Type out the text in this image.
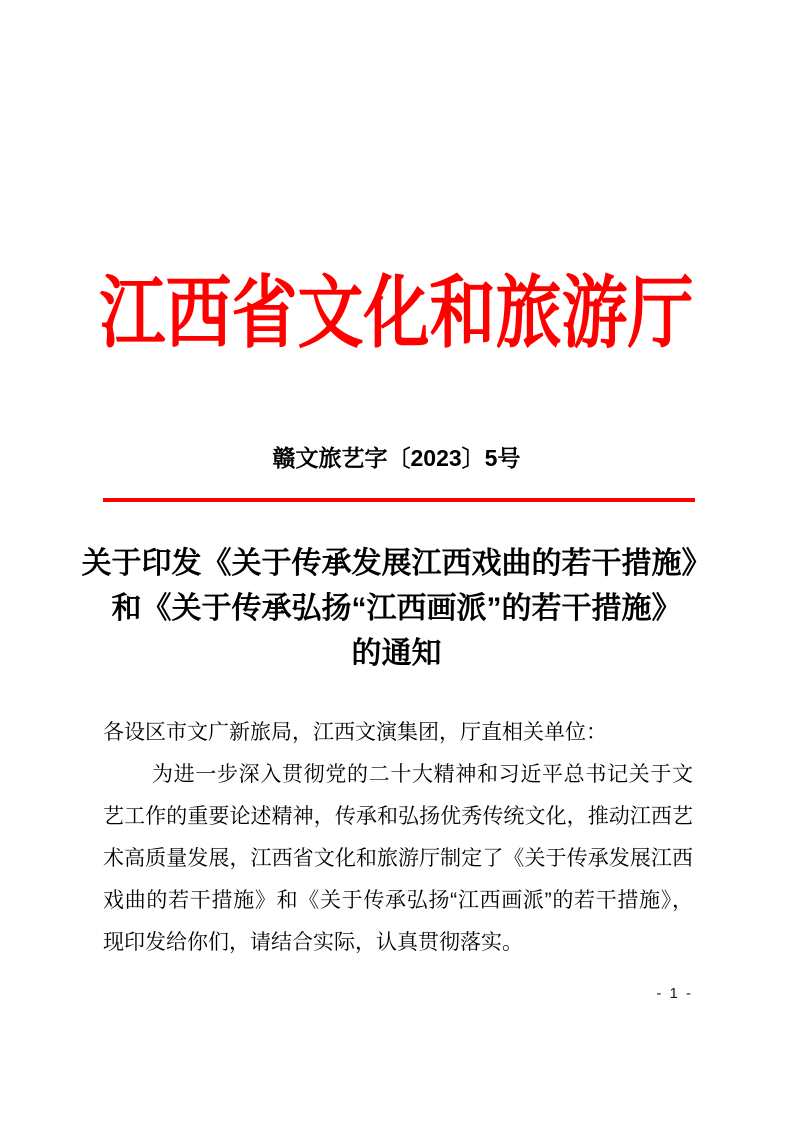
江西省文化和旅游厅
赣文旅艺字〔2023〕5号
关于印发《关于传承发展江西戏曲的若干措施》
和《关于传承弘扬“江西画派”的若干措施》
的通知
各设区市文广新旅局，江西文演集团，厅直相关单位：
为进一步深入贯彻党的二十大精神和习近平总书记关于文
艺工作的重要论述精神，传承和弘扬优秀传统文化，推动江西艺
术高质量发展，江西省文化和旅游厅制定了《关于传承发展江西
戏曲的若干措施》和《关于传承弘扬“江西画派”的若干措施》，
现印发给你们，请结合实际，认真贯彻落实。
- 1 -
